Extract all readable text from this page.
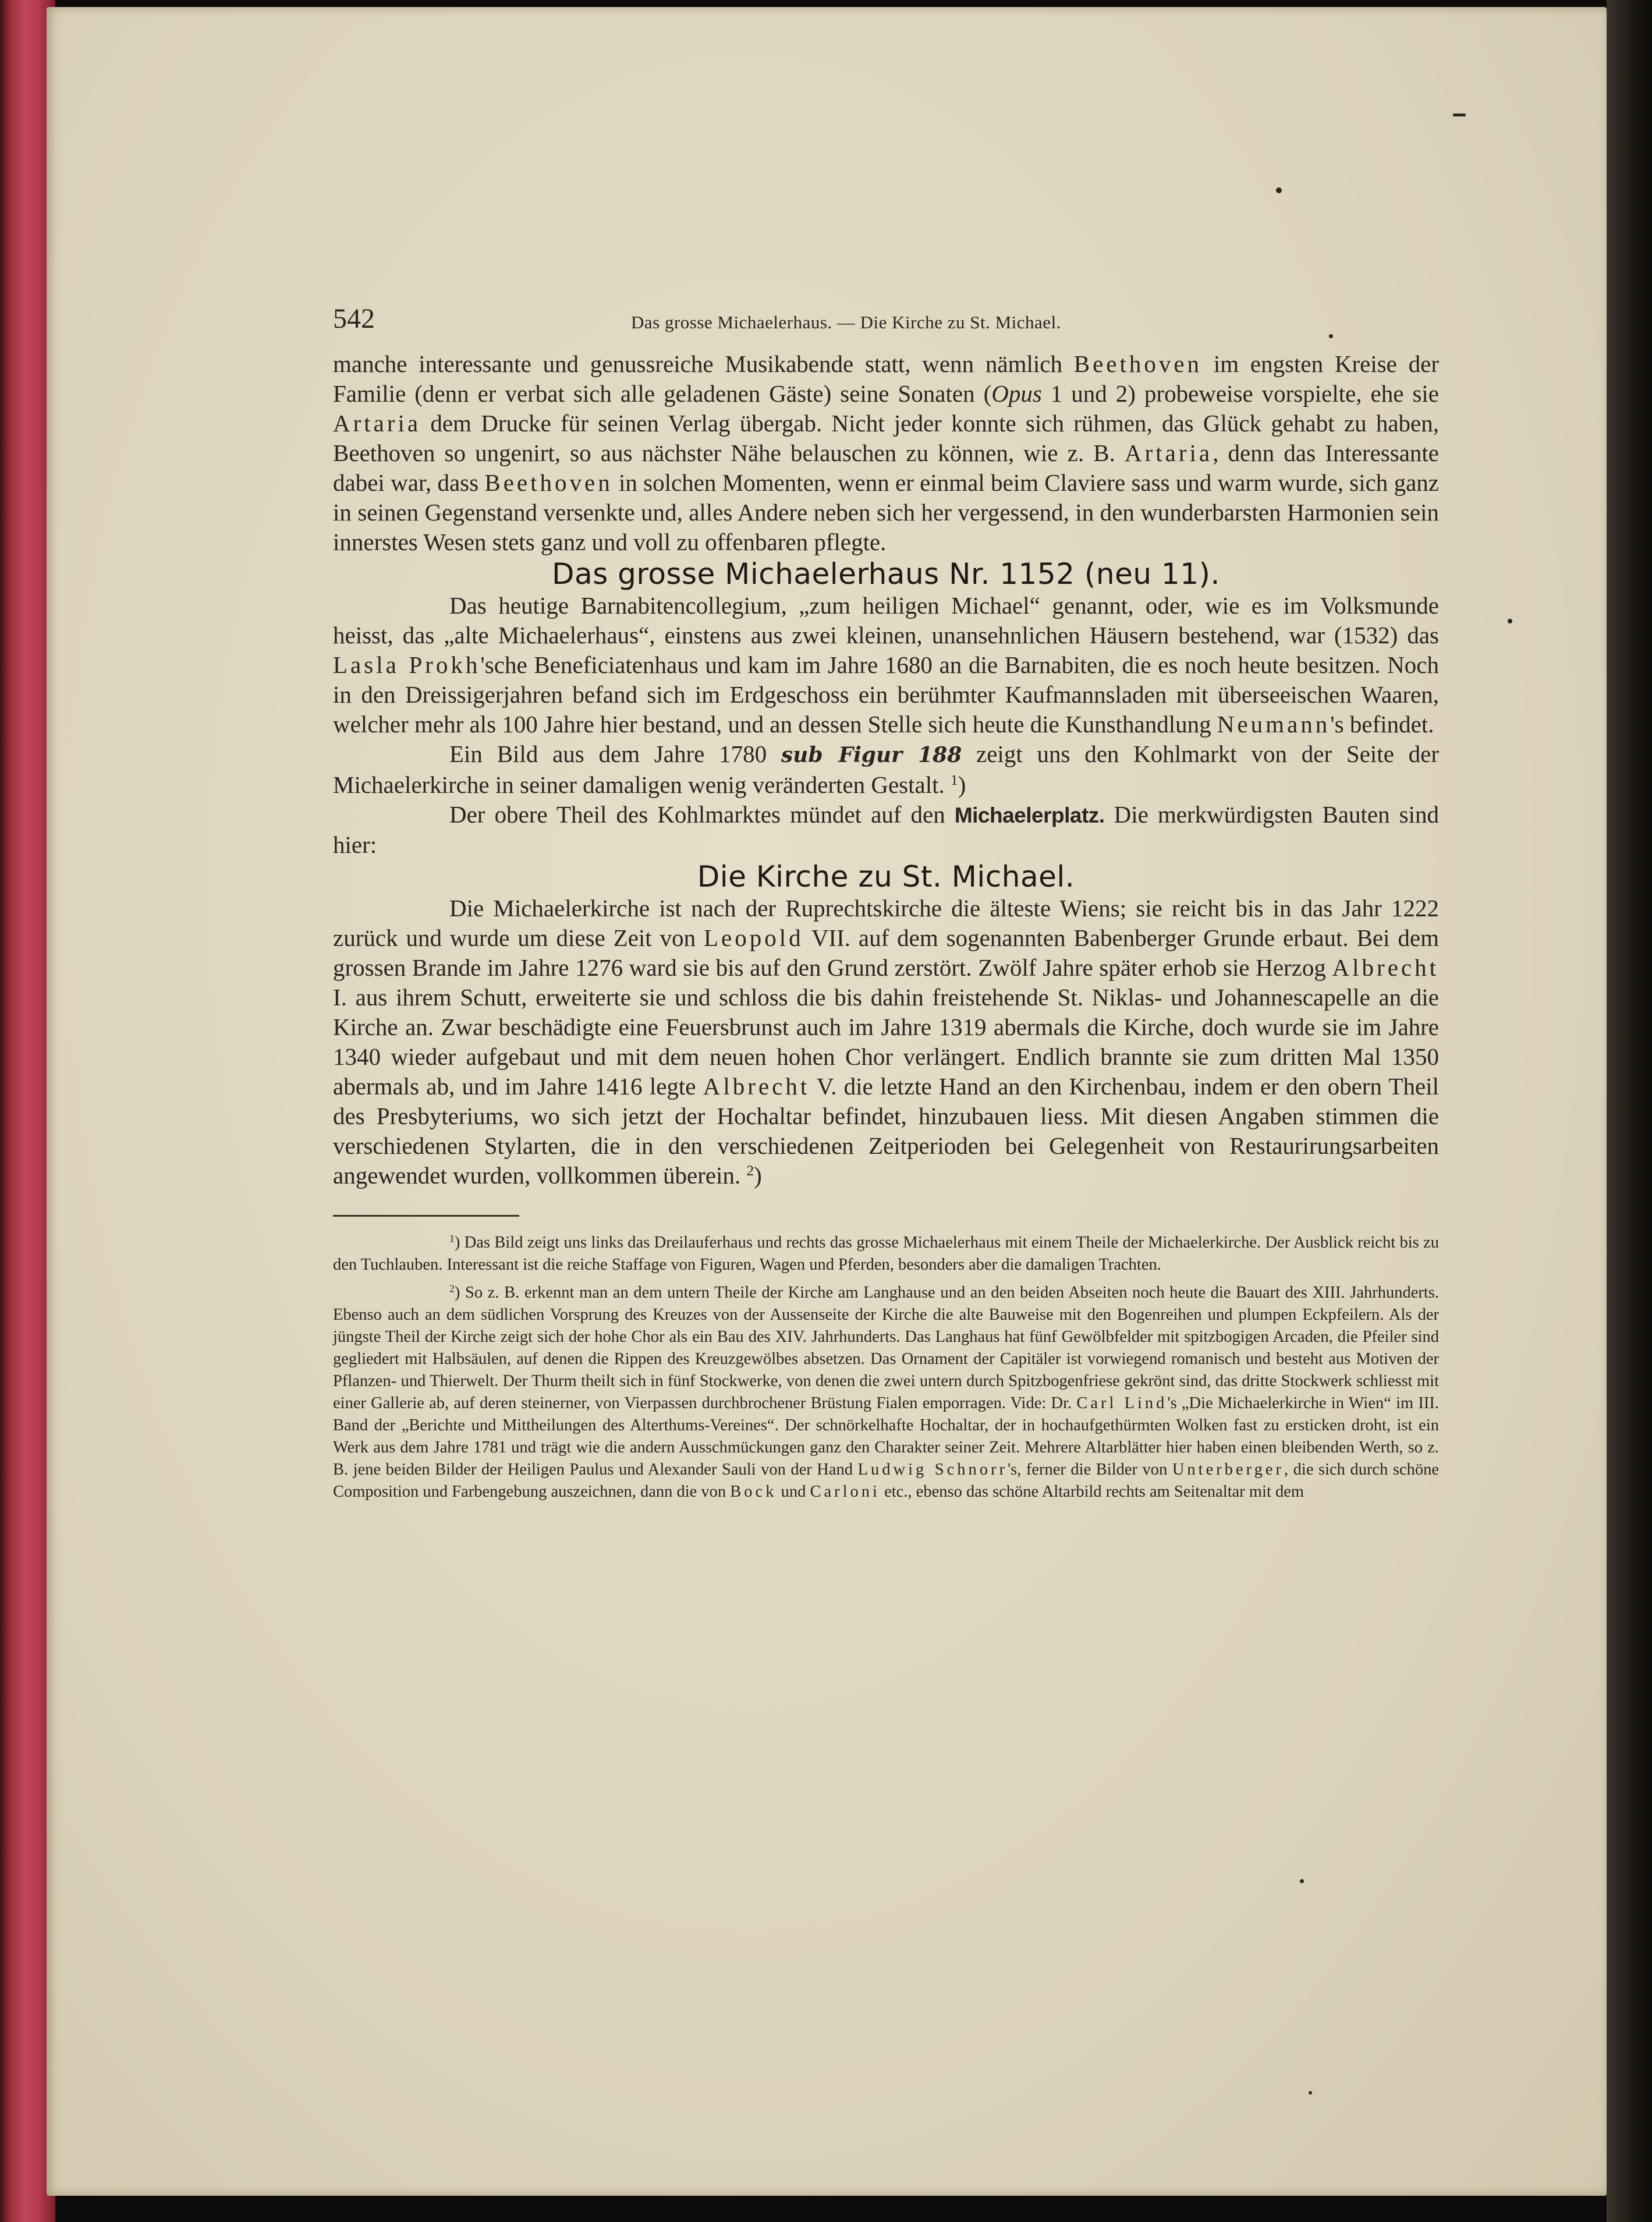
542	Das grosse Michaelerhaus. — Die Kirche zu St. Michael.

manche interessante und genussreiche Musikabende statt, wenn nämlich Beethoven im engsten Kreise der Familie (denn er verbat sich alle geladenen Gäste) seine Sonaten (Opus 1 und 2) probeweise vorspielte, ehe sie Artaria dem Drucke für seinen Verlag übergab. Nicht jeder konnte sich rühmen, das Glück gehabt zu haben, Beethoven so ungenirt, so aus nächster Nähe belauschen zu können, wie z. B. Artaria, denn das Interessante dabei war, dass Beethoven in solchen Momenten, wenn er einmal beim Claviere sass und warm wurde, sich ganz in seinen Gegenstand versenkte und, alles Andere neben sich her vergessend, in den wunderbarsten Harmonien sein innerstes Wesen stets ganz und voll zu offenbaren pflegte.

Das grosse Michaelerhaus Nr. 1152 (neu 11).

Das heutige Barnabitencollegium, „zum heiligen Michael“ genannt, oder, wie es im Volksmunde heisst, das „alte Michaelerhaus“, einstens aus zwei kleinen, unansehnlichen Häusern bestehend, war (1532) das Lasla Prokh'sche Beneficiatenhaus und kam im Jahre 1680 an die Barnabiten, die es noch heute besitzen. Noch in den Dreissigerjahren befand sich im Erdgeschoss ein berühmter Kaufmannsladen mit überseeischen Waaren, welcher mehr als 100 Jahre hier bestand, und an dessen Stelle sich heute die Kunsthandlung Neumann's befindet.

Ein Bild aus dem Jahre 1780 sub Figur 188 zeigt uns den Kohlmarkt von der Seite der Michaelerkirche in seiner damaligen wenig veränderten Gestalt. $^1$)

Der obere Theil des Kohlmarktes mündet auf den Michaelerplatz. Die merkwürdigsten Bauten sind hier:

Die Kirche zu St. Michael.

Die Michaelerkirche ist nach der Ruprechtskirche die älteste Wiens; sie reicht bis in das Jahr 1222 zurück und wurde um diese Zeit von Leopold VII. auf dem sogenannten Babenberger Grunde erbaut. Bei dem grossen Brande im Jahre 1276 ward sie bis auf den Grund zerstört. Zwölf Jahre später erhob sie Herzog Albrecht I. aus ihrem Schutt, erweiterte sie und schloss die bis dahin freistehende St. Niklas- und Johannescapelle an die Kirche an. Zwar beschädigte eine Feuersbrunst auch im Jahre 1319 abermals die Kirche, doch wurde sie im Jahre 1340 wieder aufgebaut und mit dem neuen hohen Chor verlängert. Endlich brannte sie zum dritten Mal 1350 abermals ab, und im Jahre 1416 legte Albrecht V. die letzte Hand an den Kirchenbau, indem er den obern Theil des Presbyteriums, wo sich jetzt der Hochaltar befindet, hinzubauen liess. Mit diesen Angaben stimmen die verschiedenen Stylarten, die in den verschiedenen Zeitperioden bei Gelegenheit von Restaurirungsarbeiten angewendet wurden, vollkommen überein. $^2$)

$^1$) Das Bild zeigt uns links das Dreilauferhaus und rechts das grosse Michaelerhaus mit einem Theile der Michaelerkirche. Der Ausblick reicht bis zu den Tuchlauben. Interessant ist die reiche Staffage von Figuren, Wagen und Pferden, besonders aber die damaligen Trachten.

$^2$) So z. B. erkennt man an dem untern Theile der Kirche am Langhause und an den beiden Abseiten noch heute die Bauart des XIII. Jahrhunderts. Ebenso auch an dem südlichen Vorsprung des Kreuzes von der Aussenseite der Kirche die alte Bauweise mit den Bogenreihen und plumpen Eckpfeilern. Als der jüngste Theil der Kirche zeigt sich der hohe Chor als ein Bau des XIV. Jahrhunderts. Das Langhaus hat fünf Gewölbfelder mit spitzbogigen Arcaden, die Pfeiler sind gegliedert mit Halbsäulen, auf denen die Rippen des Kreuzgewölbes absetzen. Das Ornament der Capitäler ist vorwiegend romanisch und besteht aus Motiven der Pflanzen- und Thierwelt. Der Thurm theilt sich in fünf Stockwerke, von denen die zwei untern durch Spitzbogenfriese gekrönt sind, das dritte Stockwerk schliesst mit einer Gallerie ab, auf deren steinerner, von Vierpassen durchbrochener Brüstung Fialen emporragen. Vide: Dr. Carl Lind's „Die Michaelerkirche in Wien“ im III. Band der „Berichte und Mittheilungen des Alterthums-Vereines“. Der schnörkelhafte Hochaltar, der in hochaufgethürmten Wolken fast zu ersticken droht, ist ein Werk aus dem Jahre 1781 und trägt wie die andern Ausschmückungen ganz den Charakter seiner Zeit. Mehrere Altarblätter hier haben einen bleibenden Werth, so z. B. jene beiden Bilder der Heiligen Paulus und Alexander Sauli von der Hand Ludwig Schnorr's, ferner die Bilder von Unterberger, die sich durch schöne Composition und Farbengebung auszeichnen, dann die von Bock und Carloni etc., ebenso das schöne Altarbild rechts am Seitenaltar mit dem
